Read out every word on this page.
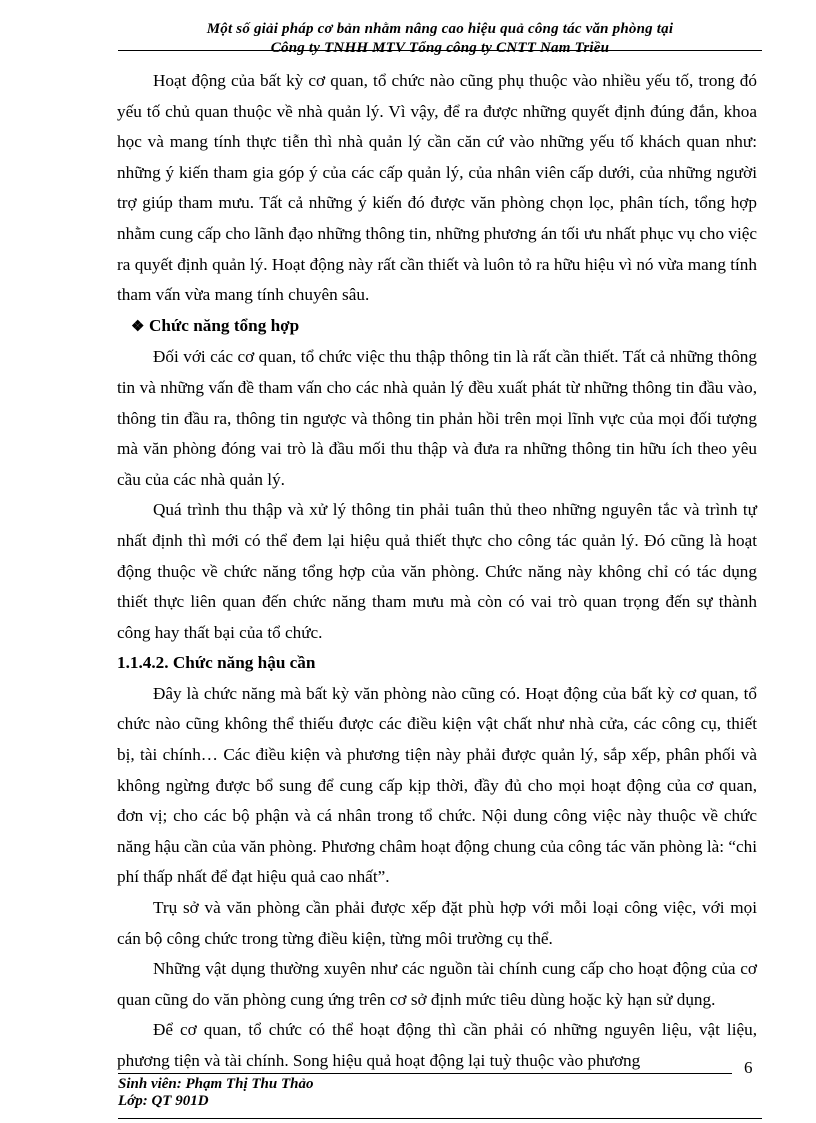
Một số giải pháp cơ bản nhằm nâng cao hiệu quả công tác văn phòng tại
Công ty TNHH MTV Tổng công ty CNTT Nam Triều

Hoạt động của bất kỳ cơ quan, tổ chức nào cũng phụ thuộc vào nhiều yếu tố, trong đó yếu tố chủ quan thuộc về nhà quản lý. Vì vậy, để ra được những quyết định đúng đắn, khoa học và mang tính thực tiễn thì nhà quản lý cần căn cứ vào những yếu tố khách quan như: những ý kiến tham gia góp ý của các cấp quản lý, của nhân viên cấp dưới, của những người trợ giúp tham mưu. Tất cả những ý kiến đó được văn phòng chọn lọc, phân tích, tổng hợp nhằm cung cấp cho lãnh đạo những thông tin, những phương án tối ưu nhất phục vụ cho việc ra quyết định quản lý. Hoạt động này rất cần thiết và luôn tỏ ra hữu hiệu vì nó vừa mang tính tham vấn vừa mang tính chuyên sâu.

❖ Chức năng tổng hợp

Đối với các cơ quan, tổ chức việc thu thập thông tin là rất cần thiết. Tất cả những thông tin và những vấn đề tham vấn cho các nhà quản lý đều xuất phát từ những thông tin đầu vào, thông tin đầu ra, thông tin ngược và thông tin phản hồi trên mọi lĩnh vực của mọi đối tượng mà văn phòng đóng vai trò là đầu mối thu thập và đưa ra những thông tin hữu ích theo yêu cầu của các nhà quản lý.

Quá trình thu thập và xử lý thông tin phải tuân thủ theo những nguyên tắc và trình tự nhất định thì mới có thể đem lại hiệu quả thiết thực cho công tác quản lý. Đó cũng là hoạt động thuộc về chức năng tổng hợp của văn phòng. Chức năng này không chỉ có tác dụng thiết thực liên quan đến chức năng tham mưu mà còn có vai trò quan trọng đến sự thành công hay thất bại của tổ chức.

1.1.4.2. Chức năng hậu cần

Đây là chức năng mà bất kỳ văn phòng nào cũng có. Hoạt động của bất kỳ cơ quan, tổ chức nào cũng không thể thiếu được các điều kiện vật chất như nhà cửa, các công cụ, thiết bị, tài chính… Các điều kiện và phương tiện này phải được quản lý, sắp xếp, phân phối và không ngừng được bổ sung để cung cấp kịp thời, đầy đủ cho mọi hoạt động của cơ quan, đơn vị; cho các bộ phận và cá nhân trong tổ chức. Nội dung công việc này thuộc về chức năng hậu cần của văn phòng. Phương châm hoạt động chung của công tác văn phòng là: “chi phí thấp nhất để đạt hiệu quả cao nhất”.

Trụ sở và văn phòng cần phải được xếp đặt phù hợp với mỗi loại công việc, với mọi cán bộ công chức trong từng điều kiện, từng môi trường cụ thể.

Những vật dụng thường xuyên như các nguồn tài chính cung cấp cho hoạt động của cơ quan cũng do văn phòng cung ứng trên cơ sở định mức tiêu dùng hoặc kỳ hạn sử dụng.

Để cơ quan, tổ chức có thể hoạt động thì cần phải có những nguyên liệu, vật liệu, phương tiện và tài chính. Song hiệu quả hoạt động lại tuỳ thuộc vào phương	6
Sinh viên: Phạm Thị Thu Thảo
Lớp: QT 901D
